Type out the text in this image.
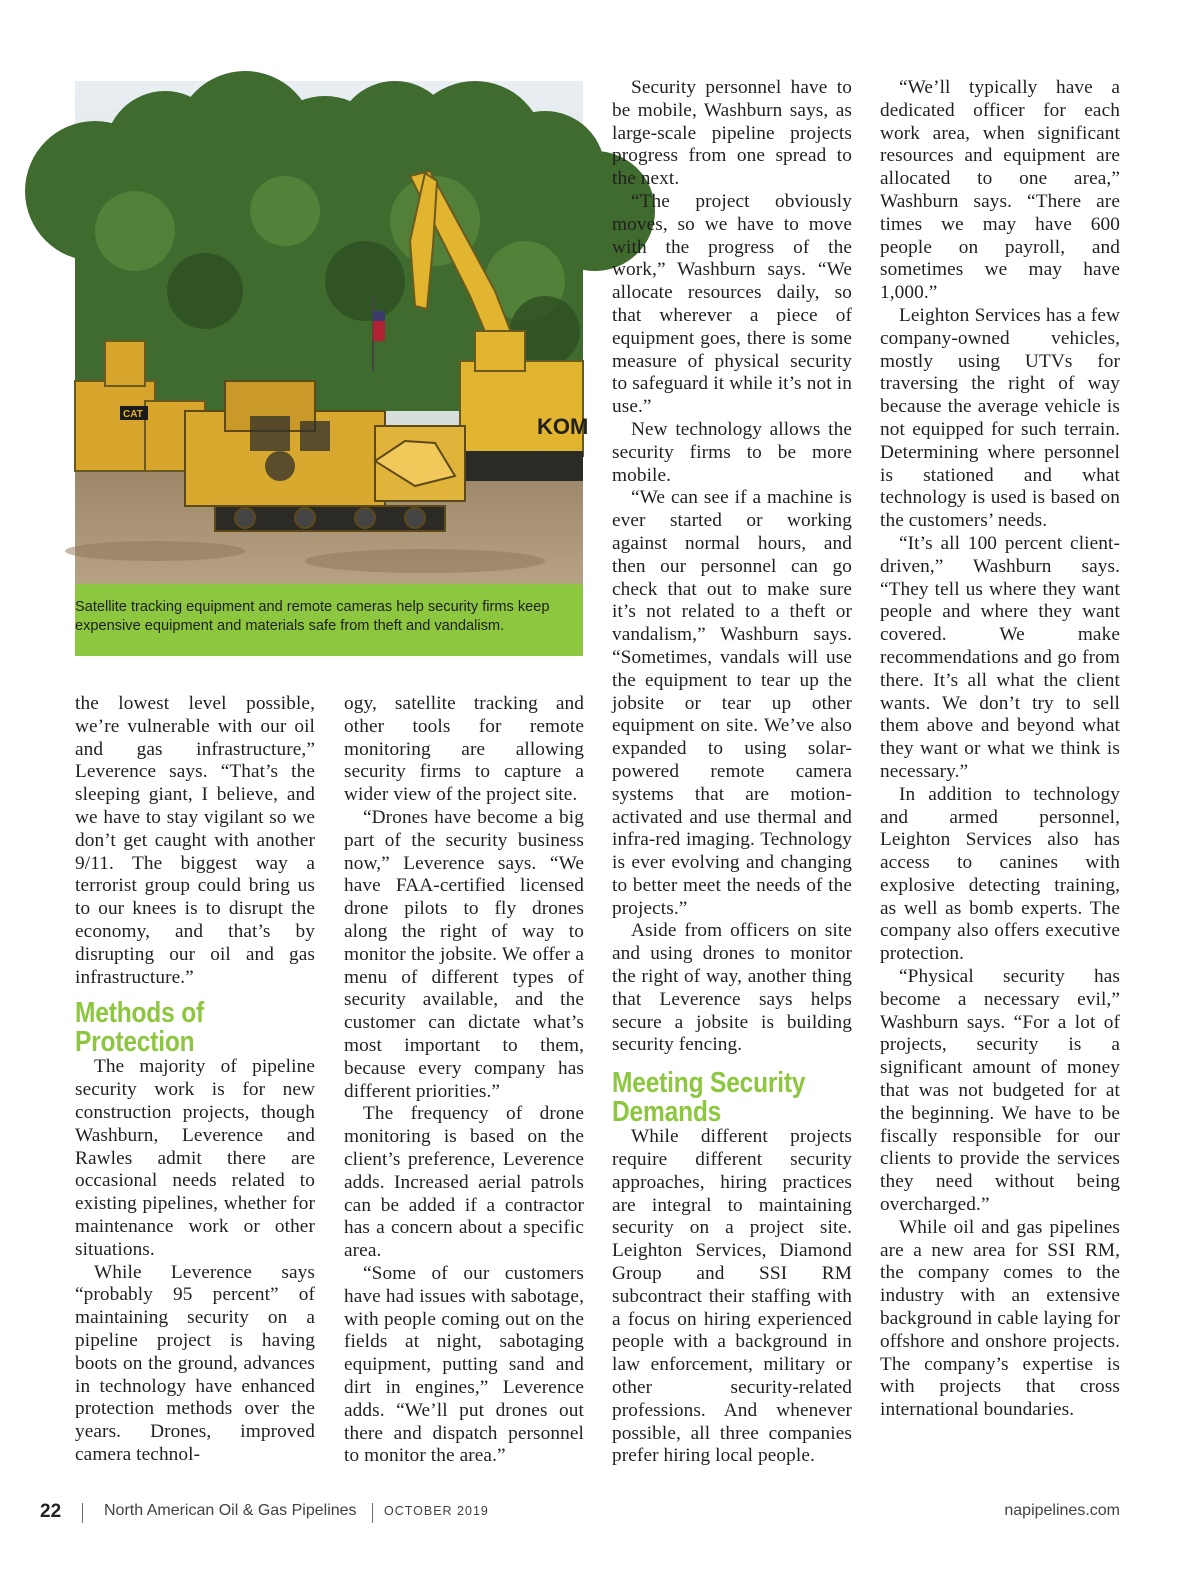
KOM
CAT
Satellite tracking equipment and remote cameras help security firms keep expensive equipment and materials safe from theft and vandalism.

the lowest level possible, we’re vulnerable with our oil and gas infrastructure,” Leverence says. “That’s the sleeping giant, I believe, and we have to stay vigilant so we don’t get caught with another 9/11. The biggest way a terrorist group could bring us to our knees is to disrupt the economy, and that’s by disrupting our oil and gas infrastructure.”

Methods of Protection

The majority of pipeline security work is for new construction projects, though Washburn, Leverence and Rawles admit there are occasional needs related to existing pipelines, whether for maintenance work or other situations.

While Leverence says “probably 95 percent” of maintaining security on a pipeline project is having boots on the ground, advances in technology have enhanced protection methods over the years. Drones, improved camera technol-

ogy, satellite tracking and other tools for remote monitoring are allowing security firms to capture a wider view of the project site.

“Drones have become a big part of the security business now,” Leverence says. “We have FAA-certified licensed drone pilots to fly drones along the right of way to monitor the jobsite. We offer a menu of different types of security available, and the customer can dictate what’s most important to them, because every company has different priorities.”

The frequency of drone monitoring is based on the client’s preference, Leverence adds. Increased aerial patrols can be added if a contractor has a concern about a specific area.

“Some of our customers have had issues with sabotage, with people coming out on the fields at night, sabotaging equipment, putting sand and dirt in engines,” Leverence adds. “We’ll put drones out there and dispatch personnel to monitor the area.”

Security personnel have to be mobile, Washburn says, as large-scale pipeline projects progress from one spread to the next.

“The project obviously moves, so we have to move with the progress of the work,” Washburn says. “We allocate resources daily, so that wherever a piece of equipment goes, there is some measure of physical security to safeguard it while it’s not in use.”

New technology allows the security firms to be more mobile.

“We can see if a machine is ever started or working against normal hours, and then our personnel can go check that out to make sure it’s not related to a theft or vandalism,” Washburn says. “Sometimes, vandals will use the equipment to tear up the jobsite or tear up other equipment on site. We’ve also expanded to using solar-powered remote camera systems that are motion-activated and use thermal and infra-red imaging. Technology is ever evolving and changing to better meet the needs of the projects.”

Aside from officers on site and using drones to monitor the right of way, another thing that Leverence says helps secure a jobsite is building security fencing.

Meeting Security Demands

While different projects require different security approaches, hiring practices are integral to maintaining security on a project site. Leighton Services, Diamond Group and SSI RM subcontract their staffing with a focus on hiring experienced people with a background in law enforcement, military or other security-related professions. And whenever possible, all three companies prefer hiring local people.

“We’ll typically have a dedicated officer for each work area, when significant resources and equipment are allocated to one area,” Washburn says. “There are times we may have 600 people on payroll, and sometimes we may have 1,000.”

Leighton Services has a few company-owned vehicles, mostly using UTVs for traversing the right of way because the average vehicle is not equipped for such terrain. Determining where personnel is stationed and what technology is used is based on the customers’ needs.

“It’s all 100 percent client-driven,” Washburn says. “They tell us where they want people and where they want covered. We make recommendations and go from there. It’s all what the client wants. We don’t try to sell them above and beyond what they want or what we think is necessary.”

In addition to technology and armed personnel, Leighton Services also has access to canines with explosive detecting training, as well as bomb experts. The company also offers executive protection.

“Physical security has become a necessary evil,” Washburn says. “For a lot of projects, security is a significant amount of money that was not budgeted for at the beginning. We have to be fiscally responsible for our clients to provide the services they need without being overcharged.”

While oil and gas pipelines are a new area for SSI RM, the company comes to the industry with an extensive background in cable laying for offshore and onshore projects. The company’s expertise is with projects that cross international boundaries.

22	North American Oil & Gas Pipelines OCTOBER 2019	napipelines.com
